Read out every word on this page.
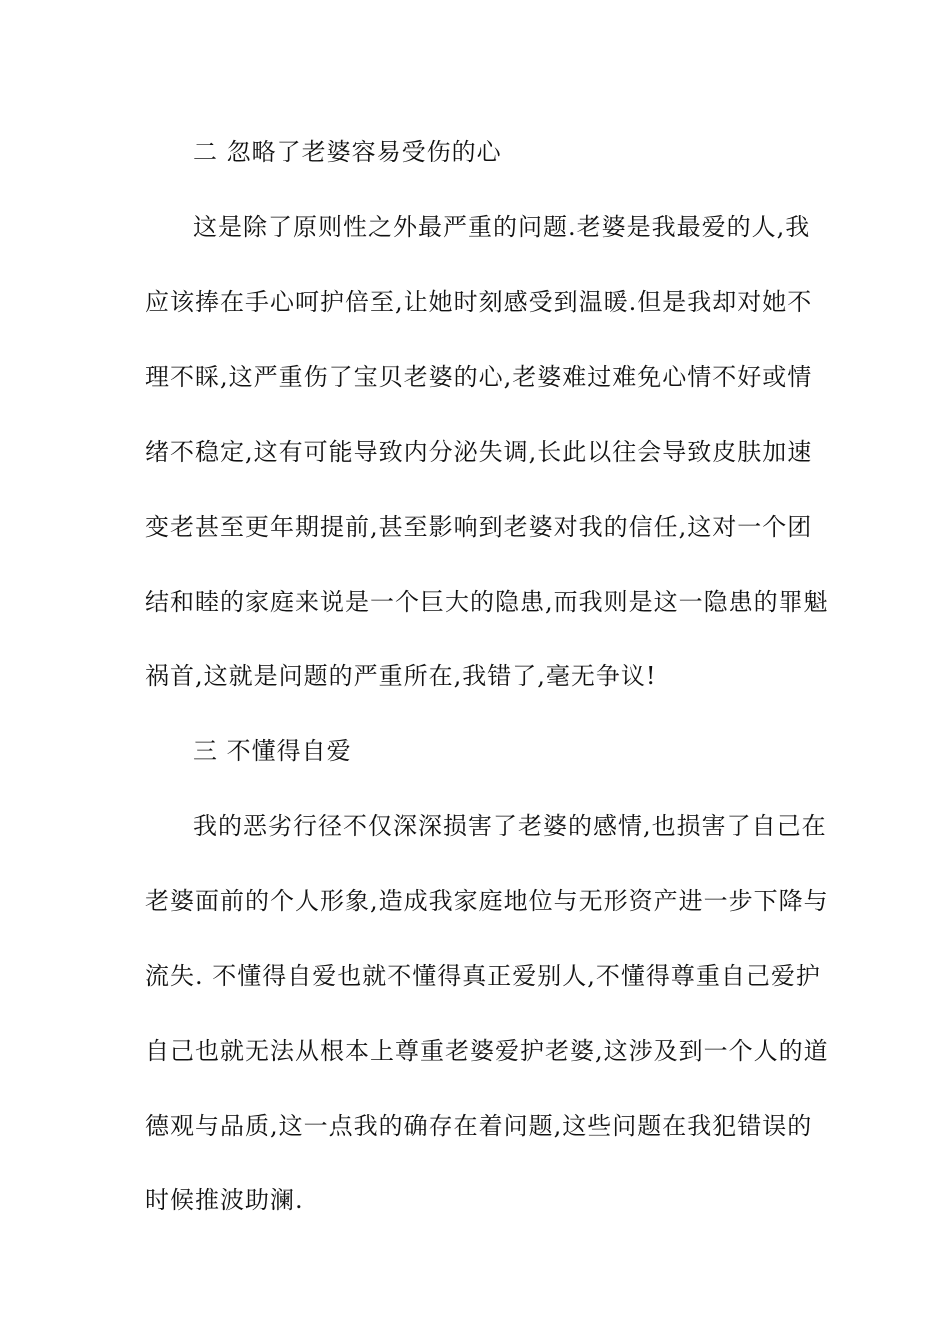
二 忽略了老婆容易受伤的心
这是除了原则性之外最严重的问题.老婆是我最爱的人,我
应该捧在手心呵护倍至,让她时刻感受到温暖.但是我却对她不
理不睬,这严重伤了宝贝老婆的心,老婆难过难免心情不好或情
绪不稳定,这有可能导致内分泌失调,长此以往会导致皮肤加速
变老甚至更年期提前,甚至影响到老婆对我的信任,这对一个团
结和睦的家庭来说是一个巨大的隐患,而我则是这一隐患的罪魁
祸首,这就是问题的严重所在,我错了,毫无争议!
三 不懂得自爱
我的恶劣行径不仅深深损害了老婆的感情,也损害了自己在
老婆面前的个人形象,造成我家庭地位与无形资产进一步下降与
流失. 不懂得自爱也就不懂得真正爱别人,不懂得尊重自己爱护
自己也就无法从根本上尊重老婆爱护老婆,这涉及到一个人的道
德观与品质,这一点我的确存在着问题,这些问题在我犯错误的
时候推波助澜.
